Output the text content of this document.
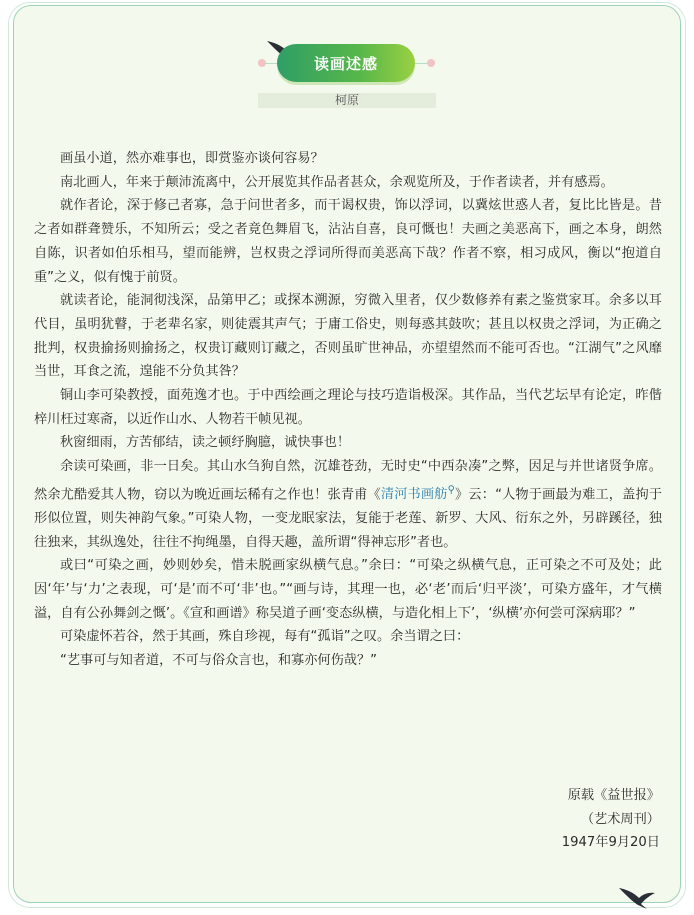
读画述感
柯原

画虽小道，然亦难事也，即赏鉴亦谈何容易？

南北画人，年来于颠沛流离中，公开展览其作品者甚众，余观览所及，于作者读者，并有感焉。

就作者论，深于修己者寡，急于问世者多，而干谒权贵，饰以浮词，以冀炫世惑人者，复比比皆是。昔之者如群聋赞乐，不知所云；受之者竟色舞眉飞，沾沾自喜，良可慨也！夫画之美恶高下，画之本身，朗然自陈，识者如伯乐相马，望而能辨，岂权贵之浮词所得而美恶高下哉？作者不察，相习成风，衡以“抱道自重”之义，似有愧于前贤。

就读者论，能洞彻浅深，品第甲乙；或探本溯源，穷微入里者，仅少数修养有素之鉴赏家耳。余多以耳代目，虽明犹瞽，于老辈名家，则徒震其声气；于庸工俗史，则每惑其鼓吹；甚且以权贵之浮词，为正确之批判，权贵揄扬则揄扬之，权贵订藏则订藏之，否则虽旷世神品，亦望望然而不能可否也。“江湖气”之风靡当世，耳食之流，遑能不分负其咎？

铜山李可染教授，面苑逸才也。于中西绘画之理论与技巧造诣极深。其作品，当代艺坛早有论定，昨偕梓川枉过寒斋，以近作山水、人物若干帧见视。

秋窗细雨，方苦郁结，读之顿纾胸臆，诚快事也！

余读可染画，非一日矣。其山水刍狗自然，沉雄苍劲，无时史“中西杂凑”之弊，因足与并世诸贤争席。然余尤酷爱其人物，窃以为晚近画坛稀有之作也！张青甫《清河书画舫⚲》云：“人物于画最为难工，盖拘于形似位置，则失神韵气象。”可染人物，一变龙眠家法，复能于老莲、新罗、大风、衍东之外，另辟蹊径，独往独来，其纵逸处，往往不拘绳墨，自得天趣，盖所谓“得神忘形”者也。

或曰“可染之画，妙则妙矣，惜未脱画家纵横气息。”余曰：“可染之纵横气息，正可染之不可及处；此因‘年’与‘力’之表现，可‘是’而不可‘非’也。”“画与诗，其理一也，必‘老’而后‘归平淡’，可染方盛年，才气横溢，自有公孙舞剑之慨’。《宣和画谱》称吴道子画‘变态纵横，与造化相上下’，‘纵横’亦何尝可深病耶？”

可染虚怀若谷，然于其画，殊自珍视，每有“孤诣”之叹。余当谓之曰：

“艺事可与知者道，不可与俗众言也，和寡亦何伤哉？”

原载《益世报》
（艺术周刊）
1947年9月20日
